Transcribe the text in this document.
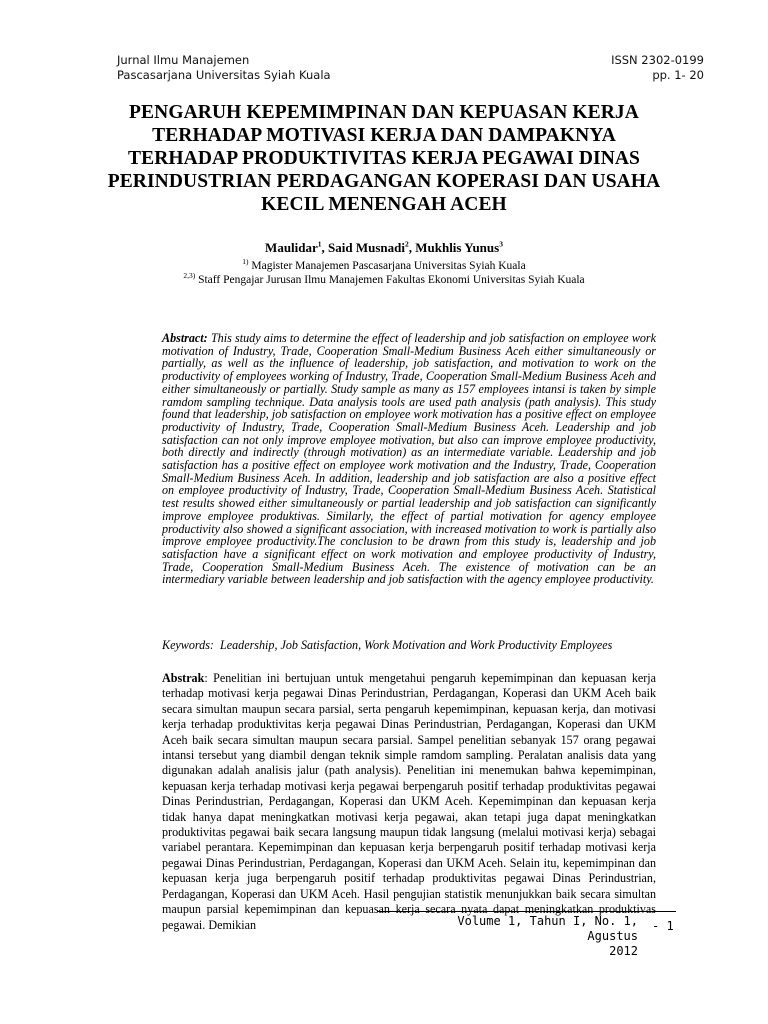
Jurnal Ilmu Manajemen
Pascasarjana Universitas Syiah Kuala
ISSN 2302-0199
pp. 1- 20
PENGARUH KEPEMIMPINAN DAN KEPUASAN KERJA TERHADAP MOTIVASI KERJA DAN DAMPAKNYA TERHADAP PRODUKTIVITAS KERJA PEGAWAI DINAS PERINDUSTRIAN PERDAGANGAN KOPERASI DAN USAHA KECIL MENENGAH ACEH
Maulidar$^1$, Said Musnadi$^2$, Mukhlis Yunus$^3$
$^{1)}$ Magister Manajemen Pascasarjana Universitas Syiah Kuala
$^{2,3)}$ Staff Pengajar Jurusan Ilmu Manajemen Fakultas Ekonomi Universitas Syiah Kuala
Abstract: This study aims to determine the effect of leadership and job satisfaction on employee work motivation of Industry, Trade, Cooperation Small-Medium Business Aceh either simultaneously or partially, as well as the influence of leadership, job satisfaction, and motivation to work on the productivity of employees working of Industry, Trade, Cooperation Small-Medium Business Aceh and either simultaneously or partially. Study sample as many as 157 employees intansi is taken by simple ramdom sampling technique. Data analysis tools are used path analysis (path analysis). This study found that leadership, job satisfaction on employee work motivation has a positive effect on employee productivity of Industry, Trade, Cooperation Small-Medium Business Aceh. Leadership and job satisfaction can not only improve employee motivation, but also can improve employee productivity, both directly and indirectly (through motivation) as an intermediate variable. Leadership and job satisfaction has a positive effect on employee work motivation and the Industry, Trade, Cooperation Small-Medium Business Aceh. In addition, leadership and job satisfaction are also a positive effect on employee productivity of Industry, Trade, Cooperation Small-Medium Business Aceh. Statistical test results showed either simultaneously or partial leadership and job satisfaction can significantly improve employee produktivas. Similarly, the effect of partial motivation for agency employee productivity also showed a significant association, with increased motivation to work is partially also improve employee productivity.The conclusion to be drawn from this study is, leadership and job satisfaction have a significant effect on work motivation and employee productivity of Industry, Trade, Cooperation Small-Medium Business Aceh. The existence of motivation can be an intermediary variable between leadership and job satisfaction with the agency employee productivity.
Keywords: Leadership, Job Satisfaction, Work Motivation and Work Productivity Employees
Abstrak: Penelitian ini bertujuan untuk mengetahui pengaruh kepemimpinan dan kepuasan kerja terhadap motivasi kerja pegawai Dinas Perindustrian, Perdagangan, Koperasi dan UKM Aceh baik secara simultan maupun secara parsial, serta pengaruh kepemimpinan, kepuasan kerja, dan motivasi kerja terhadap produktivitas kerja pegawai Dinas Perindustrian, Perdagangan, Koperasi dan UKM Aceh baik secara simultan maupun secara parsial. Sampel penelitian sebanyak 157 orang pegawai intansi tersebut yang diambil dengan teknik simple ramdom sampling. Peralatan analisis data yang digunakan adalah analisis jalur (path analysis). Penelitian ini menemukan bahwa kepemimpinan, kepuasan kerja terhadap motivasi kerja pegawai berpengaruh positif terhadap produktivitas pegawai Dinas Perindustrian, Perdagangan, Koperasi dan UKM Aceh. Kepemimpinan dan kepuasan kerja tidak hanya dapat meningkatkan motivasi kerja pegawai, akan tetapi juga dapat meningkatkan produktivitas pegawai baik secara langsung maupun tidak langsung (melalui motivasi kerja) sebagai variabel perantara. Kepemimpinan dan kepuasan kerja berpengaruh positif terhadap motivasi kerja pegawai Dinas Perindustrian, Perdagangan, Koperasi dan UKM Aceh. Selain itu, kepemimpinan dan kepuasan kerja juga berpengaruh positif terhadap produktivitas pegawai Dinas Perindustrian, Perdagangan, Koperasi dan UKM Aceh. Hasil pengujian statistik menunjukkan baik secara simultan maupun parsial kepemimpinan dan kepuasan kerja secara nyata dapat meningkatkan produktivas pegawai. Demikian	Volume 1, Tahun I, No. 1, Agustus
2012
- 1
